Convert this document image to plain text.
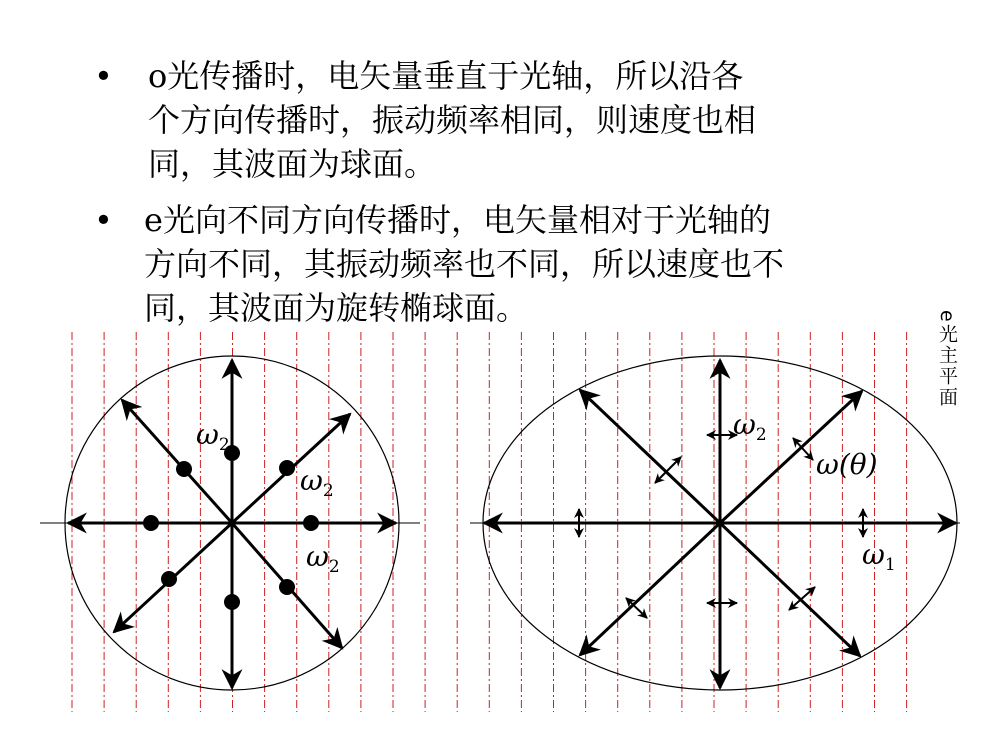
•	o光传播时，电矢量垂直于光轴，所以沿各
个方向传播时，振动频率相同，则速度也相
同，其波面为球面。
• e光向不同方向传播时，电矢量相对于光轴的
方向不同，其振动频率也不同，所以速度也不
同，其波面为旋转椭球面。
e光主平面
$\omega_2$
$\omega_2$
$\omega_2$
$\omega_2$
ω(θ)
$\omega_1$
